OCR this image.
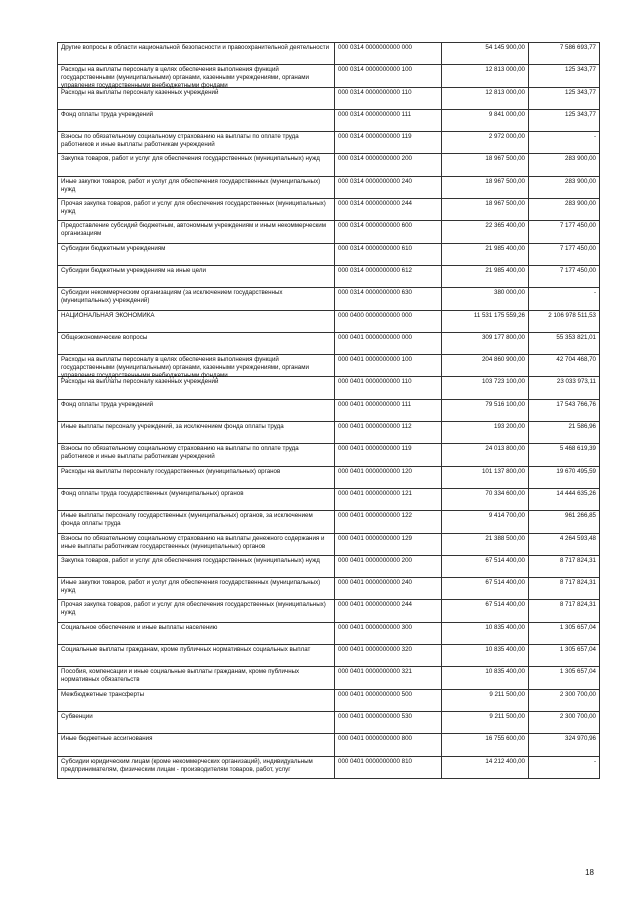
Другие вопросы в области национальной безопасности и правоохранительной деятельности	000 0314 0000000000 000	54 145 900,00	7 586 693,77

Расходы на выплаты персоналу в целях обеспечения выполнения функций государственными (муниципальными) органами, казенными учреждениями, органами управления государственными внебюджетными фондами	000 0314 0000000000 100	12 813 000,00	125 343,77

Расходы на выплаты персоналу казенных учреждений	000 0314 0000000000 110	12 813 000,00	125 343,77

Фонд оплаты труда учреждений	000 0314 0000000000 111	9 841 000,00	125 343,77

Взносы по обязательному социальному страхованию на выплаты по оплате труда работников и иные выплаты работникам учреждений	000 0314 0000000000 119	2 972 000,00	-

Закупка товаров, работ и услуг для обеспечения государственных (муниципальных) нужд	000 0314 0000000000 200	18 967 500,00	283 900,00

Иные закупки товаров, работ и услуг для обеспечения государственных (муниципальных) нужд	000 0314 0000000000 240	18 967 500,00	283 900,00

Прочая закупка товаров, работ и услуг для обеспечения государственных (муниципальных) нужд	000 0314 0000000000 244	18 967 500,00	283 900,00

Предоставление субсидий бюджетным, автономным учреждениям и иным некоммерческим организациям	000 0314 0000000000 600	22 365 400,00	7 177 450,00

Субсидии бюджетным учреждениям	000 0314 0000000000 610	21 985 400,00	7 177 450,00

Субсидии бюджетным учреждениям на иные цели	000 0314 0000000000 612	21 985 400,00	7 177 450,00

Субсидии некоммерческим организациям (за исключением государственных (муниципальных) учреждений)	000 0314 0000000000 630	380 000,00	-

НАЦИОНАЛЬНАЯ ЭКОНОМИКА	000 0400 0000000000 000	11 531 175 559,26	2 106 978 511,53

Общеэкономические вопросы	000 0401 0000000000 000	309 177 800,00	55 353 821,01

Расходы на выплаты персоналу в целях обеспечения выполнения функций государственными (муниципальными) органами, казенными учреждениями, органами управления государственными внебюджетными фондами	000 0401 0000000000 100	204 860 900,00	42 704 468,70

Расходы на выплаты персоналу казенных учреждений	000 0401 0000000000 110	103 723 100,00	23 033 973,11

Фонд оплаты труда учреждений	000 0401 0000000000 111	79 516 100,00	17 543 766,76

Иные выплаты персоналу учреждений, за исключением фонда оплаты труда	000 0401 0000000000 112	193 200,00	21 586,96

Взносы по обязательному социальному страхованию на выплаты по оплате труда работников и иные выплаты работникам учреждений	000 0401 0000000000 119	24 013 800,00	5 468 619,39

Расходы на выплаты персоналу государственных (муниципальных) органов	000 0401 0000000000 120	101 137 800,00	19 670 495,59

Фонд оплаты труда государственных (муниципальных) органов	000 0401 0000000000 121	70 334 600,00	14 444 635,26

Иные выплаты персоналу государственных (муниципальных) органов, за исключением фонда оплаты труда	000 0401 0000000000 122	9 414 700,00	961 266,85

Взносы по обязательному социальному страхованию на выплаты денежного содержания и иные выплаты работникам государственных (муниципальных) органов	000 0401 0000000000 129	21 388 500,00	4 264 593,48

Закупка товаров, работ и услуг для обеспечения государственных (муниципальных) нужд	000 0401 0000000000 200	67 514 400,00	8 717 824,31

Иные закупки товаров, работ и услуг для обеспечения государственных (муниципальных) нужд	000 0401 0000000000 240	67 514 400,00	8 717 824,31

Прочая закупка товаров, работ и услуг для обеспечения государственных (муниципальных) нужд	000 0401 0000000000 244	67 514 400,00	8 717 824,31

Социальное обеспечение и иные выплаты населению	000 0401 0000000000 300	10 835 400,00	1 305 657,04

Социальные выплаты гражданам, кроме публичных нормативных социальных выплат	000 0401 0000000000 320	10 835 400,00	1 305 657,04

Пособия, компенсации и иные социальные выплаты гражданам, кроме публичных нормативных обязательств	000 0401 0000000000 321	10 835 400,00	1 305 657,04

Межбюджетные трансферты	000 0401 0000000000 500	9 211 500,00	2 300 700,00

Субвенции	000 0401 0000000000 530	9 211 500,00	2 300 700,00

Иные бюджетные ассигнования	000 0401 0000000000 800	16 755 600,00	324 970,96

Субсидии юридическим лицам (кроме некоммерческих организаций), индивидуальным предпринимателям, физическим лицам - производителям товаров, работ, услуг	000 0401 0000000000 810	14 212 400,00	-
18
